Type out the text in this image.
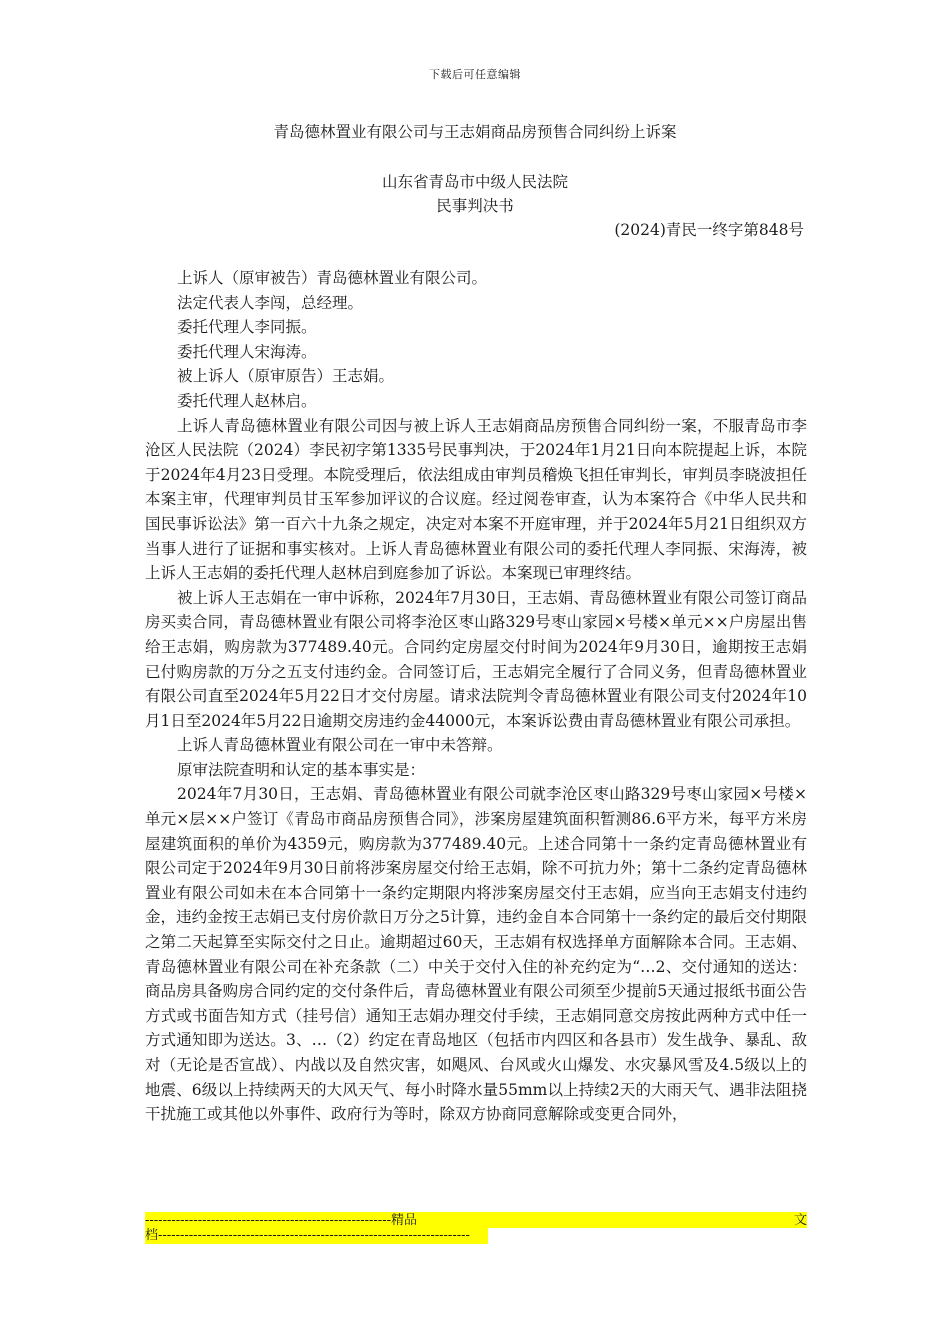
下载后可任意编辑
青岛德林置业有限公司与王志娟商品房预售合同纠纷上诉案
山东省青岛市中级人民法院
民事判决书
(2024)青民一终字第848号

上诉人（原审被告）青岛德林置业有限公司。

法定代表人李闯，总经理。

委托代理人李同振。

委托代理人宋海涛。

被上诉人（原审原告）王志娟。

委托代理人赵林启。

上诉人青岛德林置业有限公司因与被上诉人王志娟商品房预售合同纠纷一案，不服青岛市李沧区人民法院（2024）李民初字第1335号民事判决，于2024年1月21日向本院提起上诉，本院于2024年4月23日受理。本院受理后，依法组成由审判员稽焕飞担任审判长，审判员李晓波担任本案主审，代理审判员甘玉军参加评议的合议庭。经过阅卷审查，认为本案符合《中华人民共和国民事诉讼法》第一百六十九条之规定，决定对本案不开庭审理，并于2024年5月21日组织双方当事人进行了证据和事实核对。上诉人青岛德林置业有限公司的委托代理人李同振、宋海涛，被上诉人王志娟的委托代理人赵林启到庭参加了诉讼。本案现已审理终结。

被上诉人王志娟在一审中诉称，2024年7月30日，王志娟、青岛德林置业有限公司签订商品房买卖合同，青岛德林置业有限公司将李沧区枣山路329号枣山家园×号楼×单元××户房屋出售给王志娟，购房款为377489.40元。合同约定房屋交付时间为2024年9月30日，逾期按王志娟已付购房款的万分之五支付违约金。合同签订后，王志娟完全履行了合同义务，但青岛德林置业有限公司直至2024年5月22日才交付房屋。请求法院判令青岛德林置业有限公司支付2024年10月1日至2024年5月22日逾期交房违约金44000元，本案诉讼费由青岛德林置业有限公司承担。

上诉人青岛德林置业有限公司在一审中未答辩。

原审法院查明和认定的基本事实是：

2024年7月30日，王志娟、青岛德林置业有限公司就李沧区枣山路329号枣山家园×号楼×单元×层××户签订《青岛市商品房预售合同》，涉案房屋建筑面积暂测86.6平方米，每平方米房屋建筑面积的单价为4359元，购房款为377489.40元。上述合同第十一条约定青岛德林置业有限公司定于2024年9月30日前将涉案房屋交付给王志娟，除不可抗力外；第十二条约定青岛德林置业有限公司如未在本合同第十一条约定期限内将涉案房屋交付王志娟，应当向王志娟支付违约金，违约金按王志娟已支付房价款日万分之5计算，违约金自本合同第十一条约定的最后交付期限之第二天起算至实际交付之日止。逾期超过60天，王志娟有权选择单方面解除本合同。王志娟、青岛德林置业有限公司在补充条款（二）中关于交付入住的补充约定为“…2、交付通知的送达：商品房具备购房合同约定的交付条件后，青岛德林置业有限公司须至少提前5天通过报纸书面公告方式或书面告知方式（挂号信）通知王志娟办理交付手续，王志娟同意交房按此两种方式中任一方式通知即为送达。3、…（2）约定在青岛地区（包括市内四区和各县市）发生战争、暴乱、敌对（无论是否宣战）、内战以及自然灾害，如飓风、台风或火山爆发、水灾暴风雪及4.5级以上的地震、6级以上持续两天的大风天气、每小时降水量55mm以上持续2天的大雨天气、遇非法阻挠干扰施工或其他以外事件、政府行为等时，除双方协商同意解除或变更合同外，

-------------------------------------------------------- 精 品	文
档-----------------------------------------------------------------------
